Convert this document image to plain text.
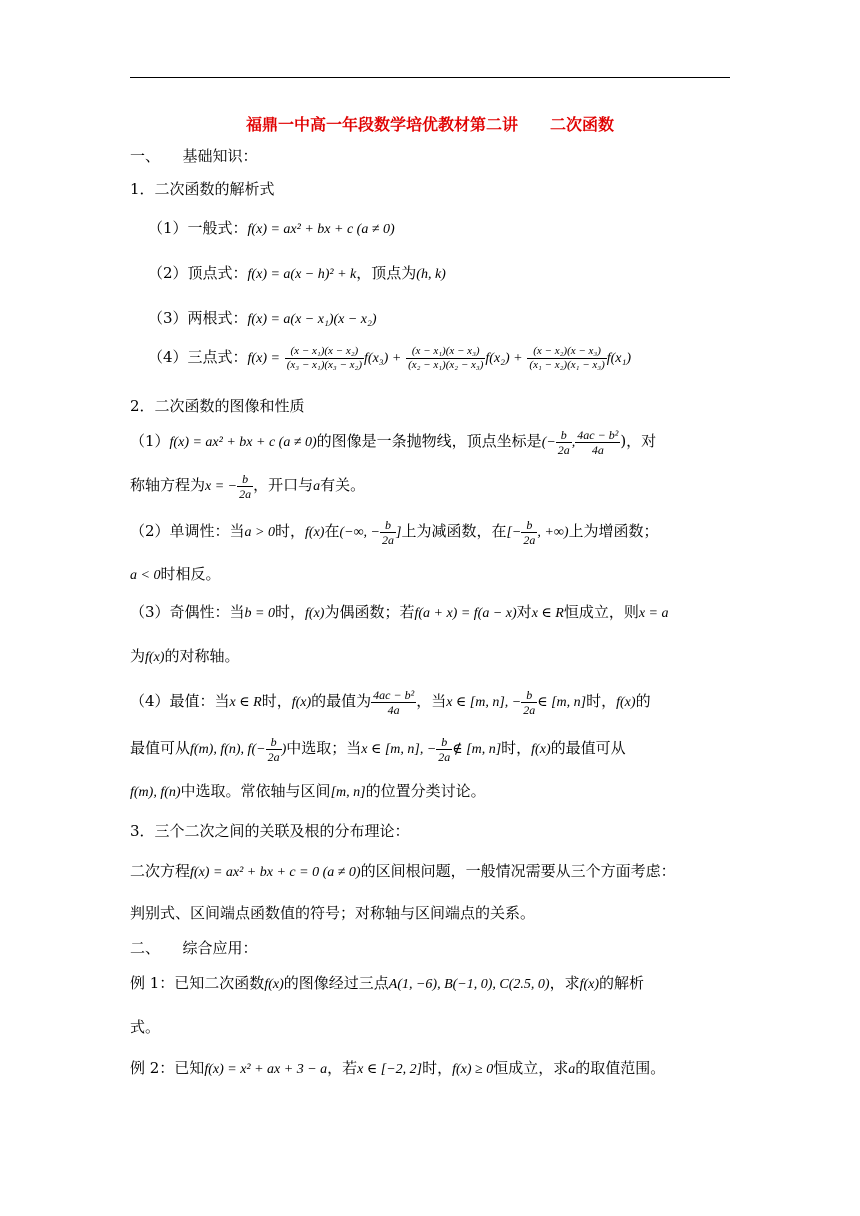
福鼎一中高一年段数学培优教材第二讲　　二次函数
一、　　基础知识：
1．二次函数的解析式
（1）一般式：f(x) = ax² + bx + c (a ≠ 0)
（2）顶点式：f(x) = a(x − h)² + k，顶点为(h, k)
（3）两根式：f(x) = a(x − x₁)(x − x₂)
（4）三点式：$f(x) = \frac{\text{(x − x₁)(x − x₂)}}{\text{(x₃ − x₁)(x₃ − x₂)}} f(x_3) + \frac{\text{(x − x₁)(x − x₃)}}{\text{(x₂ − x₁)(x₂ − x₃)}} f(x_2) + \frac{\text{(x − x₂)(x − x₃)}}{\text{(x₁ − x₂)(x₁ − x₃)}} f(x_1)$
2．二次函数的图像和性质
（1）f(x) = ax² + bx + c (a ≠ 0)的图像是一条抛物线，顶点坐标是(− $\frac{b}{2a}$ , $\frac{\text{4ac − b²}}{4a}$ )，对
称轴方程为x = − $\frac{b}{2a}$ ，开口与a有关。
（2）单调性：当a > 0时，f(x)在(−∞, − $\frac{b}{2a}$ ]上为减函数，在[− $\frac{b}{2a}$ , +∞)上为增函数；
a < 0时相反。
（3）奇偶性：当b = 0时，f(x)为偶函数；若f(a + x) = f(a − x)对x ∈ R恒成立，则x = a
为f(x)的对称轴。
（4）最值：当x ∈ R时，f(x)的最值为 $\frac{\text{4ac − b²}}{4a}$ ，当x ∈ [m, n], − $\frac{b}{2a}$ ∈ [m, n]时，f(x)的
最值可从f(m), f(n), $f(- \frac{b}{2a}$ )中选取；当x ∈ [m, n], − $\frac{b}{2a}$ ∉ [m, n]时，f(x)的最值可从
f(m), f(n)中选取。常依轴与区间[m, n]的位置分类讨论。
3．三个二次之间的关联及根的分布理论：
二次方程f(x) = ax² + bx + c = 0 (a ≠ 0)的区间根问题，一般情况需要从三个方面考虑：
判别式、区间端点函数值的符号；对称轴与区间端点的关系。
二、　　综合应用：
例 1：已知二次函数f(x)的图像经过三点A(1, −6), B(−1, 0), C(2.5, 0)，求f(x)的解析
式。
例 2：已知f(x) = x² + ax + 3 − a，若x ∈ [−2, 2]时，f(x) ≥ 0恒成立，求a的取值范围。
